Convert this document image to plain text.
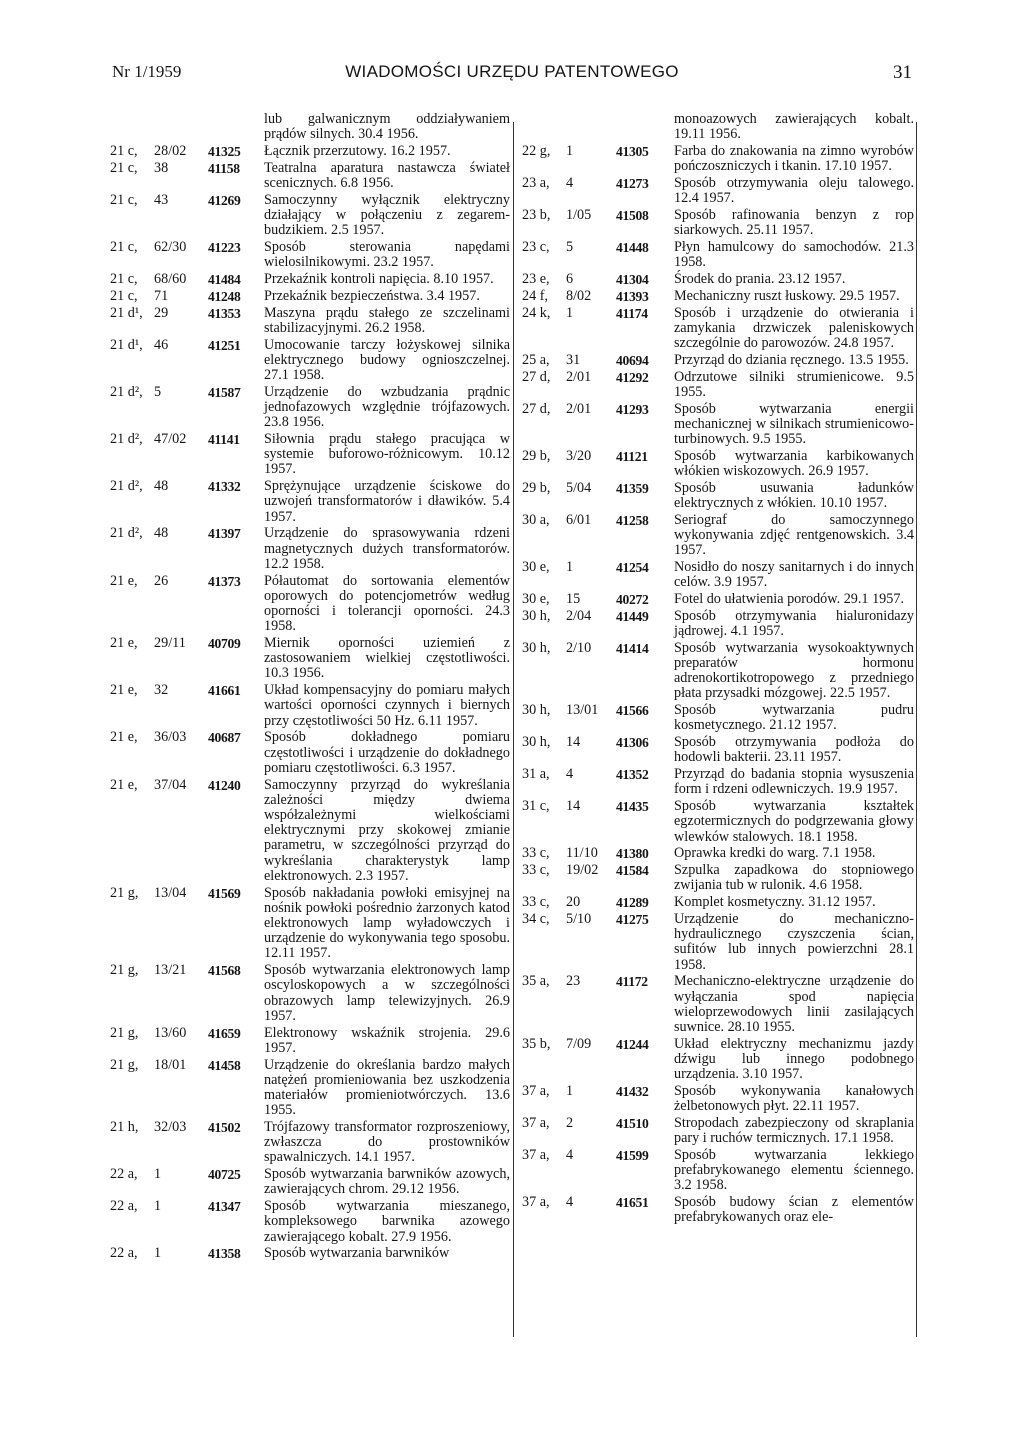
Nr 1/1959	WIADOMOŚCI URZĘDU PATENTOWEGO	31
lub galwanicznym oddziaływaniem prądów silnych. 30.4 1956.
21 c,	28/02	41325	Łącznik przerzutowy. 16.2 1957.
21 c,	38	41158	Teatralna aparatura nastawcza świateł scenicznych. 6.8 1956.
21 c,	43	41269	Samoczynny wyłącznik elektryczny działający w połączeniu z zegarem-budzikiem. 2.5 1957.
21 c,	62/30	41223	Sposób sterowania napędami wielosilnikowymi. 23.2 1957.
21 c,	68/60	41484	Przekaźnik kontroli napięcia. 8.10 1957.
21 c,	71	41248	Przekaźnik bezpieczeństwa. 3.4 1957.
21 d¹, 29	41353	Maszyna prądu stałego ze szczelinami stabilizacyjnymi. 26.2 1958.
21 d¹, 46	41251	Umocowanie tarczy łożyskowej silnika elektrycznego budowy ognioszczelnej. 27.1 1958.
21 d², 5	41587	Urządzenie do wzbudzania prądnic jednofazowych względnie trójfazowych. 23.8 1956.
21 d², 47/02	41141	Siłownia prądu stałego pracująca w systemie buforowo-różnicowym. 10.12 1957.
21 d², 48	41332	Sprężynujące urządzenie ściskowe do uzwojeń transformatorów i dławików. 5.4 1957.
21 d², 48	41397	Urządzenie do sprasowywania rdzeni magnetycznych dużych transformatorów. 12.2 1958.
21 e,	26	41373	Półautomat do sortowania elementów oporowych do potencjometrów według oporności i tolerancji oporności. 24.3 1958.
21 e,	29/11	40709	Miernik oporności uziemień z zastosowaniem wielkiej częstotliwości. 10.3 1956.
21 e,	32	41661	Układ kompensacyjny do pomiaru małych wartości oporności czynnych i biernych przy częstotliwości 50 Hz. 6.11 1957.
21 e,	36/03	40687	Sposób dokładnego pomiaru częstotliwości i urządzenie do dokładnego pomiaru częstotliwości. 6.3 1957.
21 e,	37/04	41240	Samoczynny przyrząd do wykreślania zależności między dwiema współzależnymi wielkościami elektrycznymi przy skokowej zmianie parametru, w szczególności przyrząd do wykreślania charakterystyk lamp elektronowych. 2.3 1957.
21 g,	13/04	41569	Sposób nakładania powłoki emisyjnej na nośnik powłoki pośrednio żarzonych katod elektronowych lamp wyładowczych i urządzenie do wykonywania tego sposobu. 12.11 1957.
21 g,	13/21	41568	Sposób wytwarzania elektronowych lamp oscyloskopowych a w szczególności obrazowych lamp telewizyjnych. 26.9 1957.
21 g,	13/60	41659	Elektronowy wskaźnik strojenia. 29.6 1957.
21 g,	18/01	41458	Urządzenie do określania bardzo małych natężeń promieniowania bez uszkodzenia materiałów promieniotwórczych. 13.6 1955.
21 h,	32/03	41502	Trójfazowy transformator rozproszeniowy, zwłaszcza do prostowników spawalniczych. 14.1 1957.
22 a,	1	40725	Sposób wytwarzania barwników azowych, zawierających chrom. 29.12 1956.
22 a,	1	41347	Sposób wytwarzania mieszanego, kompleksowego barwnika azowego zawierającego kobalt. 27.9 1956.
22 a,	1	41358	Sposób wytwarzania barwników
monoazowych zawierających kobalt. 19.11 1956.
22 g,	1	41305	Farba do znakowania na zimno wyrobów pończoszniczych i tkanin. 17.10 1957.
23 a,	4	41273	Sposób otrzymywania oleju talowego. 12.4 1957.
23 b,	1/05	41508	Sposób rafinowania benzyn z rop siarkowych. 25.11 1957.
23 c,	5	41448	Płyn hamulcowy do samochodów. 21.3 1958.
23 e,	6	41304	Środek do prania. 23.12 1957.
24 f,	8/02	41393	Mechaniczny ruszt łuskowy. 29.5 1957.
24 k,	1	41174	Sposób i urządzenie do otwierania i zamykania drzwiczek paleniskowych szczególnie do parowozów. 24.8 1957.
25 a,	31	40694	Przyrząd do dziania ręcznego. 13.5 1955.
27 d,	2/01	41292	Odrzutowe silniki strumienicowe. 9.5 1955.
27 d,	2/01	41293	Sposób wytwarzania energii mechanicznej w silnikach strumienicowo-turbinowych. 9.5 1955.
29 b,	3/20	41121	Sposób wytwarzania karbikowanych włókien wiskozowych. 26.9 1957.
29 b,	5/04	41359	Sposób usuwania ładunków elektrycznych z włókien. 10.10 1957.
30 a,	6/01	41258	Seriograf do samoczynnego wykonywania zdjęć rentgenowskich. 3.4 1957.
30 e,	1	41254	Nosidło do noszy sanitarnych i do innych celów. 3.9 1957.
30 e,	15	40272	Fotel do ułatwienia porodów. 29.1 1957.
30 h,	2/04	41449	Sposób otrzymywania hialuronidazy jądrowej. 4.1 1957.
30 h,	2/10	41414	Sposób wytwarzania wysokoaktywnych preparatów hormonu adrenokortikotropowego z przedniego płata przysadki mózgowej. 22.5 1957.
30 h,	13/01	41566	Sposób wytwarzania pudru kosmetycznego. 21.12 1957.
30 h,	14	41306	Sposób otrzymywania podłoża do hodowli bakterii. 23.11 1957.
31 a,	4	41352	Przyrząd do badania stopnia wysuszenia form i rdzeni odlewniczych. 19.9 1957.
31 c,	14	41435	Sposób wytwarzania kształtek egzotermicznych do podgrzewania głowy wlewków stalowych. 18.1 1958.
33 c,	11/10	41380	Oprawka kredki do warg. 7.1 1958.
33 c,	19/02	41584	Szpulka zapadkowa do stopniowego zwijania tub w rulonik. 4.6 1958.
33 c,	20	41289	Komplet kosmetyczny. 31.12 1957.
34 c,	5/10	41275	Urządzenie do mechaniczno-hydraulicznego czyszczenia ścian, sufitów lub innych powierzchni 28.1 1958.
35 a,	23	41172	Mechaniczno-elektryczne urządzenie do wyłączania spod napięcia wieloprzewodowych linii zasilających suwnice. 28.10 1955.
35 b,	7/09	41244	Układ elektryczny mechanizmu jazdy dźwigu lub innego podobnego urządzenia. 3.10 1957.
37 a,	1	41432	Sposób wykonywania kanałowych żelbetonowych płyt. 22.11 1957.
37 a,	2	41510	Stropodach zabezpieczony od skraplania pary i ruchów termicznych. 17.1 1958.
37 a,	4	41599	Sposób wytwarzania lekkiego prefabrykowanego elementu ściennego. 3.2 1958.
37 a,	4	41651	Sposób budowy ścian z elementów prefabrykowanych oraz ele-
